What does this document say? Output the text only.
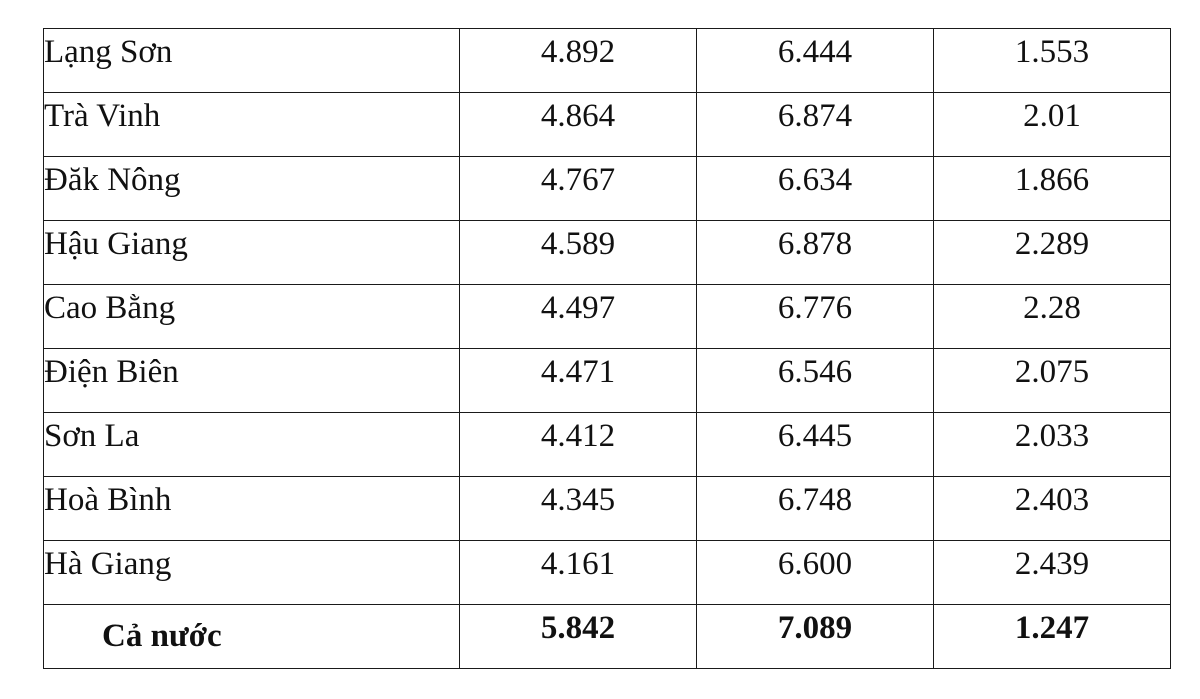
Lạng Sơn	4.892	6.444	1.553
Trà Vinh	4.864	6.874	2.01
Đăk Nông	4.767	6.634	1.866
Hậu Giang	4.589	6.878	2.289
Cao Bằng	4.497	6.776	2.28
Điện Biên	4.471	6.546	2.075
Sơn La	4.412	6.445	2.033
Hoà Bình	4.345	6.748	2.403
Hà Giang	4.161	6.600	2.439
Cả nước	5.842	7.089	1.247
